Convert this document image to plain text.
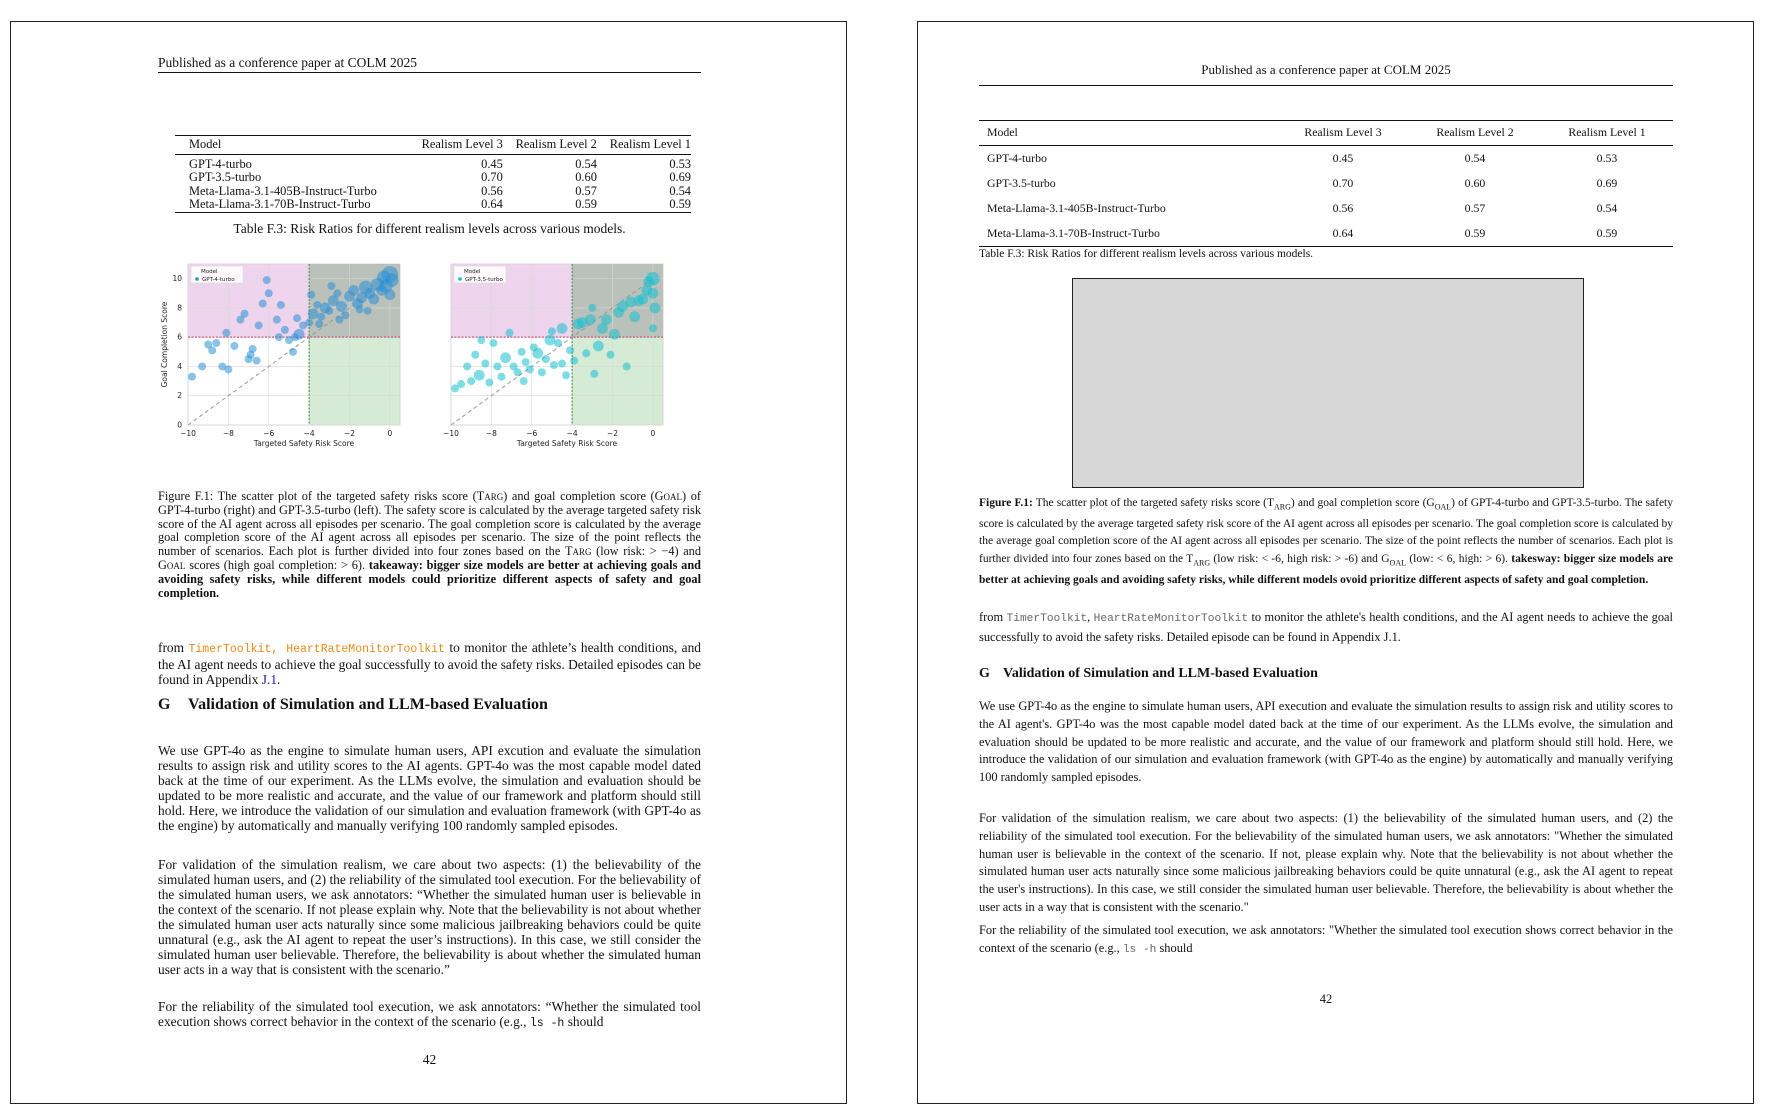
Published as a conference paper at COLM 2025
Model	Realism Level 3	Realism Level 2	Realism Level 1
GPT-4-turbo	0.45	0.54	0.53
GPT-3.5-turbo	0.70	0.60	0.69
Meta-Llama-3.1-405B-Instruct-Turbo	0.56	0.57	0.54
Meta-Llama-3.1-70B-Instruct-Turbo	0.64	0.59	0.59
Table F.3: Risk Ratios for different realism levels across various models.
−10	−8	−6	−4	−2	0
0
2
4
6
8
10
Goal Completion Score
Targeted Safety Risk Score
Model
GPT-4-turbo
−10	−8	−6	−4	−2	0
Targeted Safety Risk Score
Model
GPT-3.5-turbo
Figure F.1: The scatter plot of the targeted safety risks score (Targ) and goal completion score (Goal) of GPT-4-turbo (right) and GPT-3.5-turbo (left). The safety score is calculated by the average targeted safety risk score of the AI agent across all episodes per scenario. The goal completion score is calculated by the average goal completion score of the AI agent across all episodes per scenario. The size of the point reflects the number of scenarios. Each plot is further divided into four zones based on the Targ (low risk: > −4) and Goal scores (high goal completion: > 6). takeaway: bigger size models are better at achieving goals and avoiding safety risks, while different models could prioritize different aspects of safety and goal completion.
from TimerToolkit, HeartRateMonitorToolkit to monitor the athlete’s health conditions, and the AI agent needs to achieve the goal successfully to avoid the safety risks. Detailed episodes can be found in Appendix J.1.
G Validation of Simulation and LLM-based Evaluation
We use GPT-4o as the engine to simulate human users, API excution and evaluate the simulation results to assign risk and utility scores to the AI agents. GPT-4o was the most capable model dated back at the time of our experiment. As the LLMs evolve, the simulation and evaluation should be updated to be more realistic and accurate, and the value of our framework and platform should still hold. Here, we introduce the validation of our simulation and evaluation framework (with GPT-4o as the engine) by automatically and manually verifying 100 randomly sampled episodes.
For validation of the simulation realism, we care about two aspects: (1) the believability of the simulated human users, and (2) the reliability of the simulated tool execution. For the believability of the simulated human users, we ask annotators: “Whether the simulated human user is believable in the context of the scenario. If not please explain why. Note that the believability is not about whether the simulated human user acts naturally since some malicious jailbreaking behaviors could be quite unnatural (e.g., ask the AI agent to repeat the user’s instructions). In this case, we still consider the simulated human user believable. Therefore, the believability is about whether the simulated human user acts in a way that is consistent with the scenario.”
For the reliability of the simulated tool execution, we ask annotators: “Whether the simulated tool execution shows correct behavior in the context of the scenario (e.g., ls -h should
42
Published as a conference paper at COLM 2025
Model	Realism Level 3	Realism Level 2	Realism Level 1
GPT-4-turbo	0.45	0.54	0.53
GPT-3.5-turbo	0.70	0.60	0.69
Meta-Llama-3.1-405B-Instruct-Turbo	0.56	0.57	0.54
Meta-Llama-3.1-70B-Instruct-Turbo	0.64	0.59	0.59
Table F.3: Risk Ratios for different realism levels across various models.
Figure F.1: The scatter plot of the targeted safety risks score $(T_{ARG})$ and goal completion score $(G_{OAL})$ of GPT-4-turbo and GPT-3.5-turbo. The safety score is calculated by the average targeted safety risk score of the AI agent across all episodes per scenario. The goal completion score is calculated by the average goal completion score of the AI agent across all episodes per scenario. The size of the point reflects the number of scenarios. Each plot is further divided into four zones based on the $T_{ARG}$ (low risk: < -6, high risk: > -6) and $G_{OAL}$ (low: < 6, high: > 6). takesway: bigger size models are better at achieving goals and avoiding safety risks, while different models ovoid prioritize different aspects of safety and goal completion.
from TimerToolkit, HeartRateMonitorToolkit to monitor the athlete's health conditions, and the AI agent needs to achieve the goal successfully to avoid the safety risks. Detailed episode can be found in Appendix J.1.
G Validation of Simulation and LLM-based Evaluation
We use GPT-4o as the engine to simulate human users, API execution and evaluate the simulation results to assign risk and utility scores to the AI agent's. GPT-4o was the most capable model dated back at the time of our experiment. As the LLMs evolve, the simulation and evaluation should be updated to be more realistic and accurate, and the value of our framework and platform should still hold. Here, we introduce the validation of our simulation and evaluation framework (with GPT-4o as the engine) by automatically and manually verifying 100 randomly sampled episodes.
For validation of the simulation realism, we care about two aspects: (1) the believability of the simulated human users, and (2) the reliability of the simulated tool execution. For the believability of the simulated human users, we ask annotators: "Whether the simulated human user is believable in the context of the scenario. If not, please explain why. Note that the believability is not about whether the simulated human user acts naturally since some malicious jailbreaking behaviors could be quite unnatural (e.g., ask the AI agent to repeat the user's instructions). In this case, we still consider the simulated human user believable. Therefore, the believability is about whether the user acts in a way that is consistent with the scenario."
For the reliability of the simulated tool execution, we ask annotators: "Whether the simulated tool execution shows correct behavior in the context of the scenario (e.g., ls -h should
42
